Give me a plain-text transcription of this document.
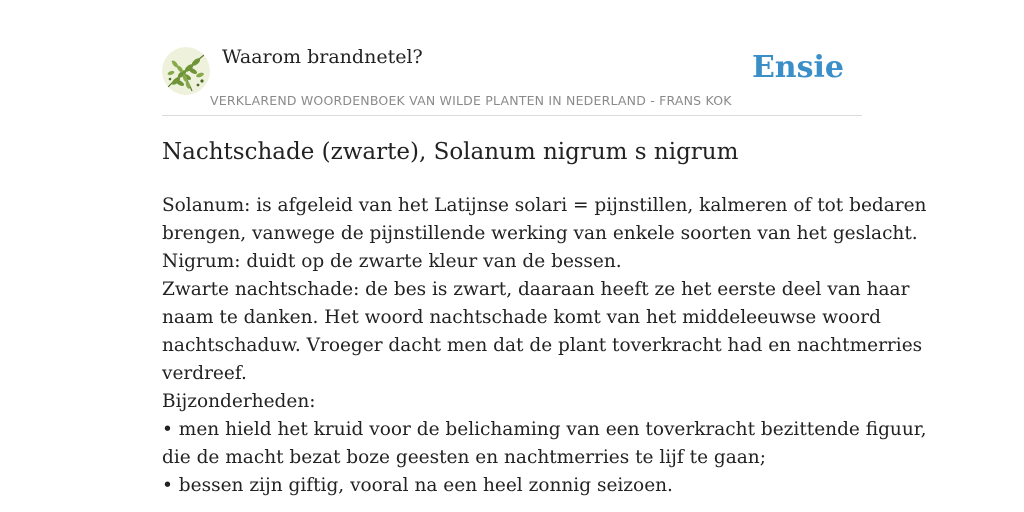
Waarom brandnetel?	Ensie
VERKLAREND WOORDENBOEK VAN WILDE PLANTEN IN NEDERLAND - FRANS KOK
Nachtschade (zwarte), Solanum nigrum s nigrum
Solanum: is afgeleid van het Latijnse solari = pijnstillen, kalmeren of tot bedaren
brengen, vanwege de pijnstillende werking van enkele soorten van het geslacht.
Nigrum: duidt op de zwarte kleur van de bessen.
Zwarte nachtschade: de bes is zwart, daaraan heeft ze het eerste deel van haar
naam te danken. Het woord nachtschade komt van het middeleeuwse woord
nachtschaduw. Vroeger dacht men dat de plant toverkracht had en nachtmerries
verdreef.
Bijzonderheden:
• men hield het kruid voor de belichaming van een toverkracht bezittende figuur,
die de macht bezat boze geesten en nachtmerries te lijf te gaan;
• bessen zijn giftig, vooral na een heel zonnig seizoen.
